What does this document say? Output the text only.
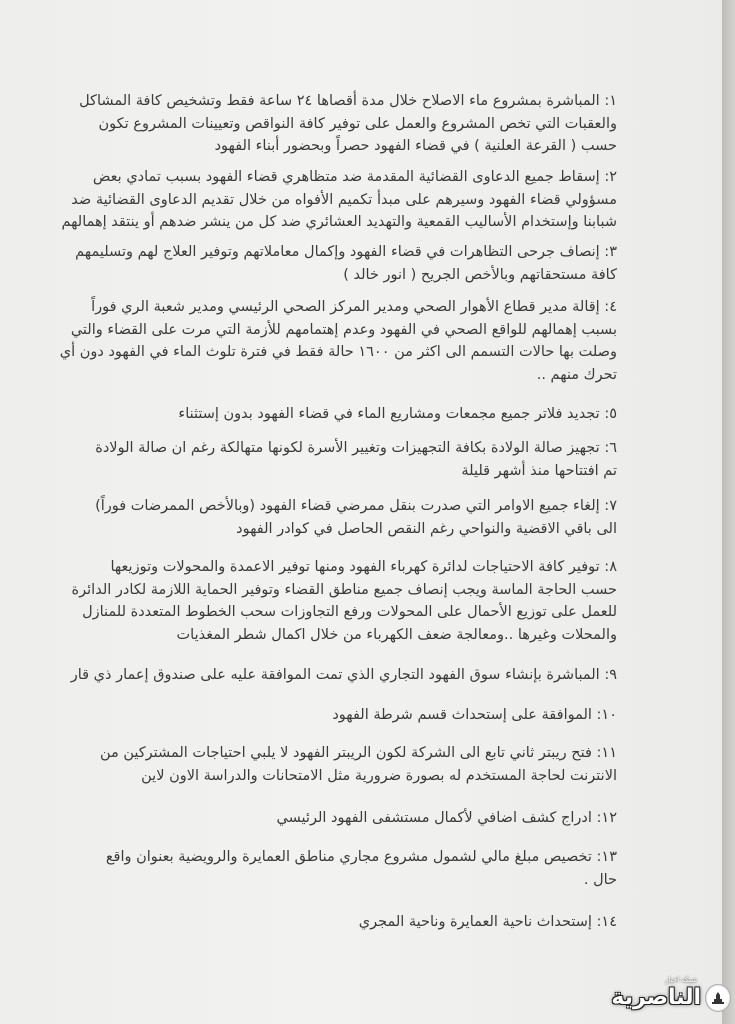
١: المباشرة بمشروع ماء الاصلاح خلال مدة أقصاها ٢٤ ساعة فقط وتشخيص كافة المشاكل
والعقبات التي تخص المشروع والعمل على توفير كافة النواقص وتعيينات المشروع تكون
حسب ( القرعة العلنية ) في قضاء الفهود حصراً وبحضور أبناء الفهود
٢: إسقاط جميع الدعاوى القضائية المقدمة ضد متظاهري قضاء الفهود بسبب تمادي بعض
مسؤولي قضاء الفهود وسيرهم على مبدأ تكميم الأفواه من خلال تقديم الدعاوى القضائية ضد
شبابنا وإستخدام الأساليب القمعية والتهديد العشائري ضد كل من ينشر ضدهم أو ينتقد إهمالهم
٣: إنصاف جرحى التظاهرات في قضاء الفهود وإكمال معاملاتهم وتوفير العلاج لهم وتسليمهم
كافة مستحقاتهم وبالأخص الجريح ( انور خالد )
٤: إقالة مدير قطاع الأهوار الصحي ومدير المركز الصحي الرئيسي ومدير شعبة الري فوراً
بسبب إهمالهم للواقع الصحي في الفهود وعدم إهتمامهم للأزمة التي مرت على القضاء والتي
وصلت بها حالات التسمم الى اكثر من ١٦٠٠ حالة فقط في فترة تلوث الماء في الفهود دون أي
تحرك منهم ..
٥: تجديد فلاتر جميع مجمعات ومشاريع الماء في قضاء الفهود بدون إستثناء
٦: تجهيز صالة الولادة بكافة التجهيزات وتغيير الأسرة لكونها متهالكة رغم ان صالة الولادة
تم افتتاحها منذ أشهر قليلة
٧: إلغاء جميع الاوامر التي صدرت بنقل ممرضي قضاء الفهود (وبالأخص الممرضات فوراً)
الى باقي الاقضية والنواحي رغم النقص الحاصل في كوادر الفهود
٨: توفير كافة الاحتياجات لدائرة كهرباء الفهود ومنها توفير الاعمدة والمحولات وتوزيعها
حسب الحاجة الماسة ويجب إنصاف جميع مناطق القضاء وتوفير الحماية اللازمة لكادر الدائرة
للعمل على توزيع الأحمال على المحولات ورفع التجاوزات سحب الخطوط المتعددة للمنازل
والمحلات وغيرها ..ومعالجة ضعف الكهرباء من خلال اكمال شطر المغذيات
٩: المباشرة بإنشاء سوق الفهود التجاري الذي تمت الموافقة عليه على صندوق إعمار ذي قار
١٠: الموافقة على إستحداث قسم شرطة الفهود
١١: فتح ريبتر ثاني تابع الى الشركة لكون الريبتر الفهود لا يلبي احتياجات المشتركين من
الانترنت لحاجة المستخدم له بصورة ضرورية مثل الامتحانات والدراسة الاون لاين
١٢: ادراج كشف اضافي لأكمال مستشفى الفهود الرئيسي
١٣: تخصيص مبلغ مالي لشمول مشروع مجاري مناطق العمايرة والرويضية بعنوان واقع
حال .
١٤: إستحداث ناحية العمايرة وناحية المجري
شبكة اخبار
الناصرية
